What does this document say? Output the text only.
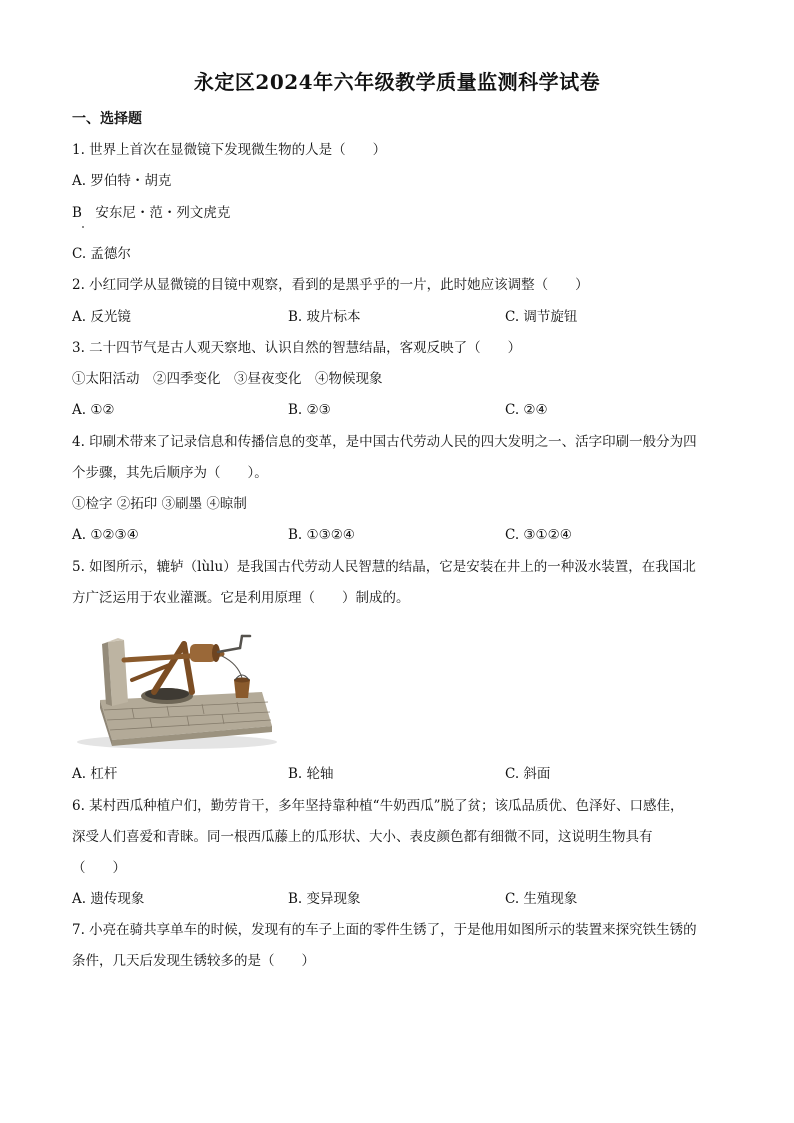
永定区2024年六年级教学质量监测科学试卷
一、选择题
1. 世界上首次在显微镜下发现微生物的人是（　　）
A. 罗伯特・胡克
B　安东尼・范・列文虎克
C. 孟德尔
2. 小红同学从显微镜的目镜中观察，看到的是黑乎乎的一片，此时她应该调整（　　）
A. 反光镜	B. 玻片标本	C. 调节旋钮
3. 二十四节气是古人观天察地、认识自然的智慧结晶，客观反映了（　　）
①太阳活动　②四季变化　③昼夜变化　④物候现象
A. ①②	B. ②③	C. ②④
4. 印刷术带来了记录信息和传播信息的变革，是中国古代劳动人民的四大发明之一、活字印刷一般分为四
个步骤，其先后顺序为（　　）。
①检字 ②拓印 ③刷墨 ④晾制
A. ①②③④	B. ①③②④	C. ③①②④
5. 如图所示，辘轳（lùlu）是我国古代劳动人民智慧的结晶，它是安装在井上的一种汲水装置，在我国北
方广泛运用于农业灌溉。它是利用原理（　　）制成的。
A. 杠杆	B. 轮轴	C. 斜面
6. 某村西瓜种植户们，勤劳肯干，多年坚持靠种植“牛奶西瓜”脱了贫；该瓜品质优、色泽好、口感佳，
深受人们喜爱和青睐。同一根西瓜藤上的瓜形状、大小、表皮颜色都有细微不同，这说明生物具有
（　　）
A. 遗传现象	B. 变异现象	C. 生殖现象
7. 小亮在骑共享单车的时候，发现有的车子上面的零件生锈了，于是他用如图所示的装置来探究铁生锈的
条件，几天后发现生锈较多的是（　　）
